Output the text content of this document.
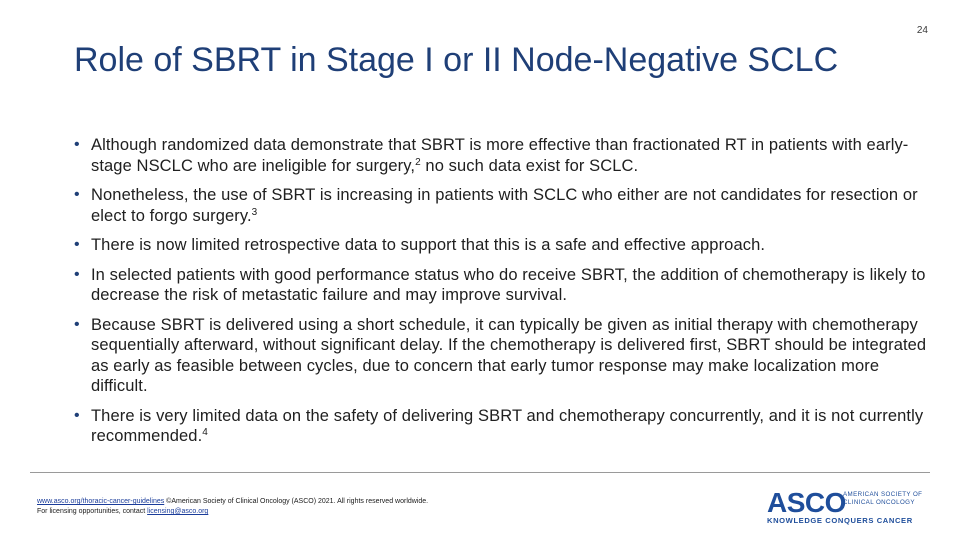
24
Role of SBRT in Stage I or II Node-Negative SCLC
• Although randomized data demonstrate that SBRT is more effective than fractionated RT in patients with early-stage NSCLC who are ineligible for surgery,$^2$ no such data exist for SCLC.
• Nonetheless, the use of SBRT is increasing in patients with SCLC who either are not candidates for resection or elect to forgo surgery.$^3$
• There is now limited retrospective data to support that this is a safe and effective approach.
• In selected patients with good performance status who do receive SBRT, the addition of chemotherapy is likely to decrease the risk of metastatic failure and may improve survival.
• Because SBRT is delivered using a short schedule, it can typically be given as initial therapy with chemotherapy sequentially afterward, without significant delay. If the chemotherapy is delivered first, SBRT should be integrated as early as feasible between cycles, due to concern that early tumor response may make localization more difficult.
• There is very limited data on the safety of delivering SBRT and chemotherapy concurrently, and it is not currently recommended.$^4$
www.asco.org/thoracic-cancer-guidelines ©American Society of Clinical Oncology (ASCO) 2021. All rights reserved worldwide.
For licensing opportunities, contact licensing@asco.org	ASCO
AMERICAN SOCIETY OF
CLINICAL ONCOLOGY
KNOWLEDGE CONQUERS CANCER
